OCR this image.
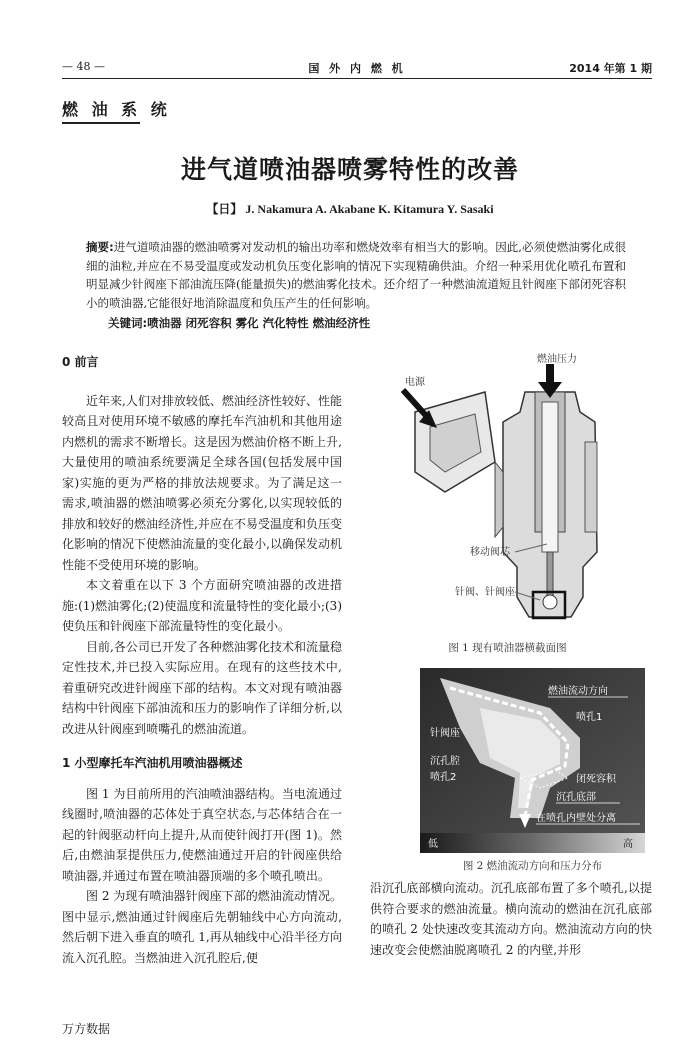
— 48 —	国 外 内 燃 机	2014 年第 1 期
燃 油 系 统
进气道喷油器喷雾特性的改善
【日】 J. Nakamura A. Akabane K. Kitamura Y. Sasaki
摘要:进气道喷油器的燃油喷雾对发动机的输出功率和燃烧效率有相当大的影响。因此,必须使燃油雾化成很细的油粒,并应在不易受温度或发动机负压变化影响的情况下实现精确供油。介绍一种采用优化喷孔布置和明显减少针阀座下部油流压降(能量损失)的燃油雾化技术。还介绍了一种燃油流道短且针阀座下部闭死容积小的喷油器,它能很好地消除温度和负压产生的任何影响。
关键词:喷油器 闭死容积 雾化 汽化特性 燃油经济性
0 前言

近年来,人们对排放较低、燃油经济性较好、性能较高且对使用环境不敏感的摩托车汽油机和其他用途内燃机的需求不断增长。这是因为燃油价格不断上升,大量使用的喷油系统要满足全球各国(包括发展中国家)实施的更为严格的排放法规要求。为了满足这一需求,喷油器的燃油喷雾必须充分雾化,以实现较低的排放和较好的燃油经济性,并应在不易受温度和负压变化影响的情况下使燃油流量的变化最小,以确保发动机性能不受使用环境的影响。

本文着重在以下 3 个方面研究喷油器的改进措施:(1)燃油雾化;(2)使温度和流量特性的变化最小;(3)使负压和针阀座下部流量特性的变化最小。

目前,各公司已开发了各种燃油雾化技术和流量稳定性技术,并已投入实际应用。在现有的这些技术中,着重研究改进针阀座下部的结构。本文对现有喷油器结构中针阀座下部油流和压力的影响作了详细分析,以改进从针阀座到喷嘴孔的燃油流道。

1 小型摩托车汽油机用喷油器概述

图 1 为目前所用的汽油喷油器结构。当电流通过线圈时,喷油器的芯体处于真空状态,与芯体结合在一起的针阀驱动杆向上提升,从而使针阀打开(图 1)。然后,由燃油泵提供压力,使燃油通过开启的针阀座供给喷油器,并通过布置在喷油器顶端的多个喷孔喷出。

图 2 为现有喷油器针阀座下部的燃油流动情况。图中显示,燃油通过针阀座后先朝轴线中心方向流动,然后朝下进入垂直的喷孔 1,再从轴线中心沿半径方向流入沉孔腔。当燃油进入沉孔腔后,便

燃油压力
电源
移动阀芯
针阀、针阀座
图 1 现有喷油器横截面图
低	高
燃油流动方向
喷孔1
针阀座
沉孔腔
喷孔2	闭死容积
沉孔底部
在喷孔内壁处分离
图 2 燃油流动方向和压力分布

沿沉孔底部横向流动。沉孔底部布置了多个喷孔,以提供符合要求的燃油流量。横向流动的燃油在沉孔底部的喷孔 2 处快速改变其流动方向。燃油流动方向的快速改变会使燃油脱离喷孔 2 的内壁,并形

万方数据
